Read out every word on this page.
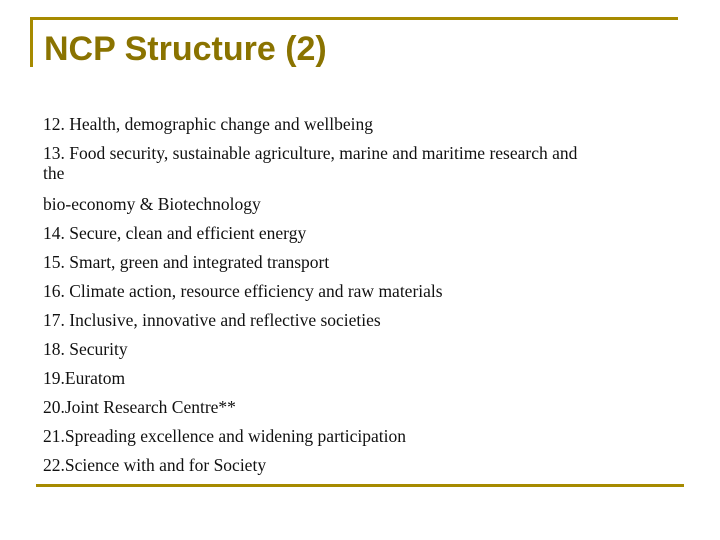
NCP Structure (2)
12. Health, demographic change and wellbeing
13. Food security, sustainable agriculture, marine and maritime research and
the
bio-economy & Biotechnology
14. Secure, clean and efficient energy
15. Smart, green and integrated transport
16. Climate action, resource efficiency and raw materials
17. Inclusive, innovative and reflective societies
18. Security
19.Euratom
20.Joint Research Centre**
21.Spreading excellence and widening participation
22.Science with and for Society
